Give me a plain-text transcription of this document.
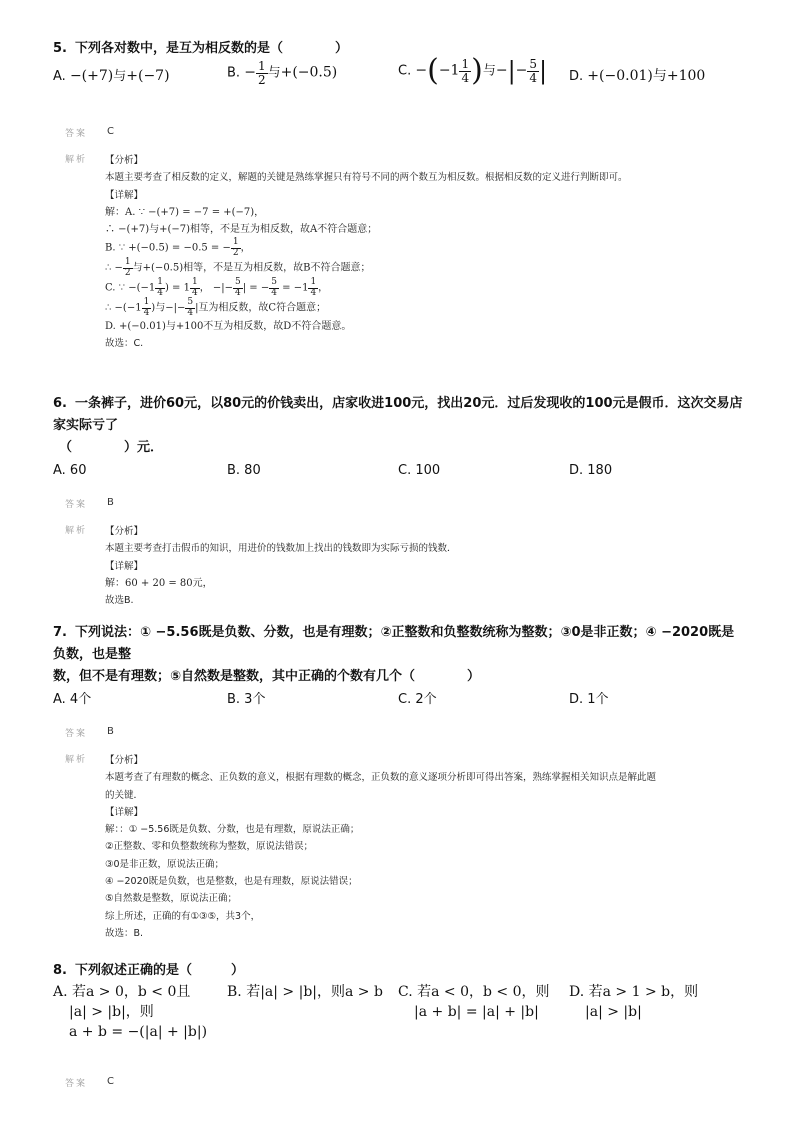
5. 下列各对数中，是互为相反数的是（　　　　）
A. −(+7)与+(−7)	B. − $\frac{1}{2}$ 与+(−0.5)	C. $-(-1 \frac{1}{4}$ )与−|− $\frac{5}{4}$ | D. +(−0.01)与+100
答案 C
解析 【分析】
本题主要考查了相反数的定义，解题的关键是熟练掌握只有符号不同的两个数互为相反数。根据相反数的定义进行判断即可。
【详解】
解：A. ∵ −(+7) = −7 = +(−7)，
∴ −(+7)与+(−7)相等，不是互为相反数，故A不符合题意；
B. ∵ +(−0.5) = −0.5 = − $\frac{1}{2}$ ，
∴ − $\frac{1}{2}$ 与+(−0.5)相等，不是互为相反数，故B不符合题意；
C. ∵ $-(-1 \frac{1}{4}$ ) = $1 \frac{1}{4}$ ， −|− $\frac{5}{4}$ | = − $\frac{5}{4} = -1 \frac{1}{4}$ ，
∴ $-(-1 \frac{1}{4}$ )与−|− $\frac{5}{4}$ |互为相反数，故C符合题意；
D. +(−0.01)与+100不互为相反数，故D不符合题意。
故选：C.
6. 一条裤子，进价60元，以80元的价钱卖出，店家收进100元，找出20元．过后发现收的100元是假币．这次交易店家实际亏了
（　　　　）元．
A. 60	B. 80	C. 100	D. 180
答案 B
解析 【分析】
本题主要考查打击假币的知识，用进价的钱数加上找出的钱数即为实际亏损的钱数．
【详解】
解：60 + 20 = 80元，
故选B.
7. 下列说法：① −5.56既是负数、分数，也是有理数；②正整数和负整数统称为整数；③0是非正数；④ −2020既是负数，也是整
数，但不是有理数；⑤自然数是整数，其中正确的个数有几个（　　　　）
A. 4个	B. 3个	C. 2个	D. 1个
答案 B
解析 【分析】
本题考查了有理数的概念、正负数的意义，根据有理数的概念，正负数的意义逐项分析即可得出答案，熟练掌握相关知识点是解此题
的关键．
【详解】
解：：① −5.56既是负数、分数，也是有理数，原说法正确；
②正整数、零和负整数统称为整数，原说法错误；
③0是非正数，原说法正确；
④ −2020既是负数，也是整数，也是有理数，原说法错误；
⑤自然数是整数，原说法正确；
综上所述，正确的有①③⑤，共3个，
故选：B.
8. 下列叙述正确的是（　　　）
A. 若a > 0，b < 0且
|a| > |b|，则
a + b = −(|a| + |b|)
B. 若|a| > |b|，则a > b C. 若a < 0，b < 0，则
|a + b| = |a| + |b|
D. 若a > 1 > b，则
|a| > |b|
答案 C
